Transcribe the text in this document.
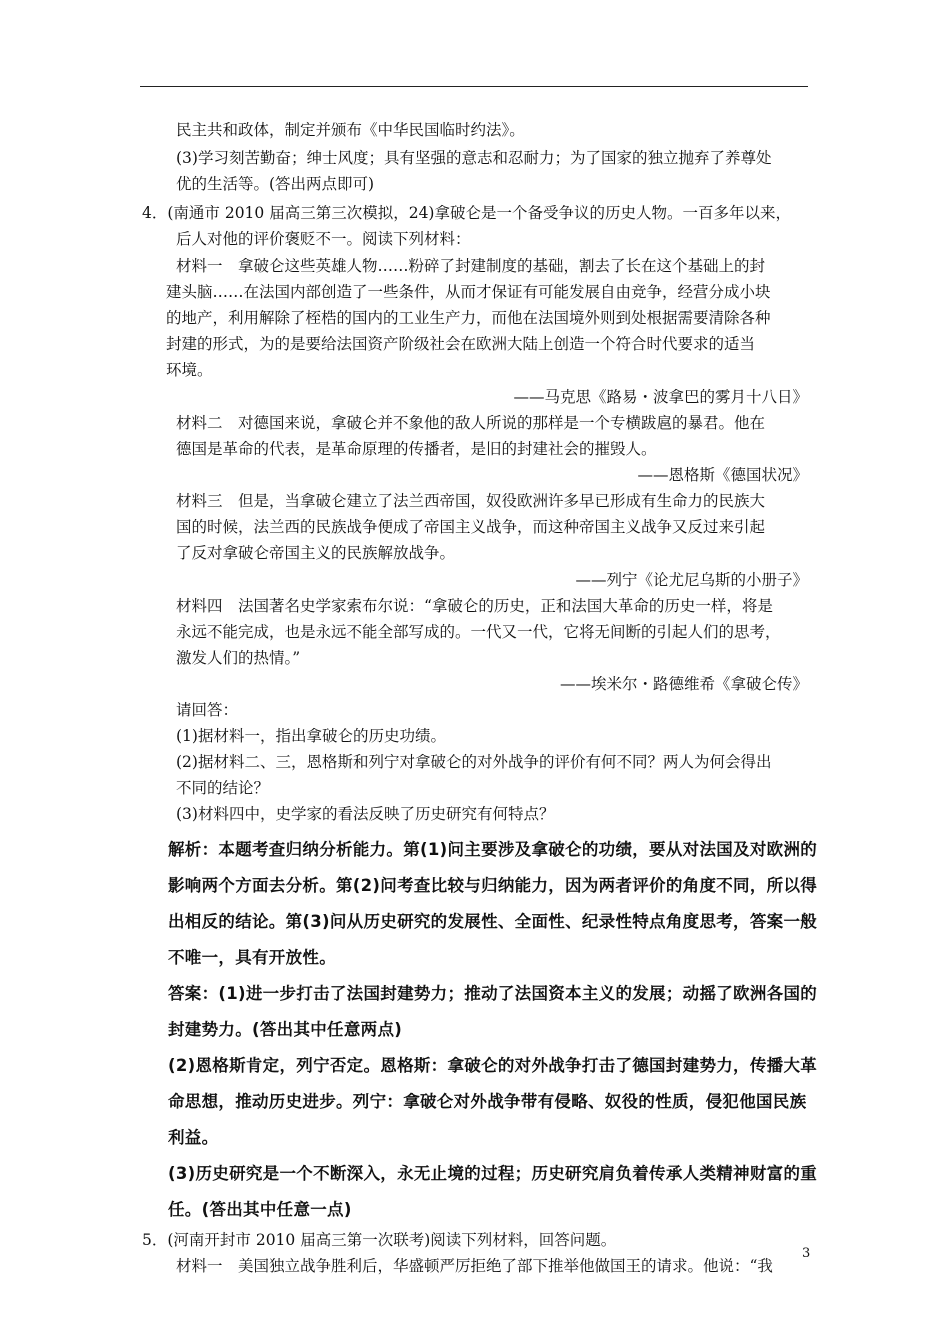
民主共和政体，制定并颁布《中华民国临时约法》。
(3)学习刻苦勤奋；绅士风度；具有坚强的意志和忍耐力；为了国家的独立抛弃了养尊处
优的生活等。(答出两点即可)
4．(南通市 2010 届高三第三次模拟，24)拿破仑是一个备受争议的历史人物。一百多年以来，
后人对他的评价褒贬不一。阅读下列材料：
材料一　拿破仑这些英雄人物……粉碎了封建制度的基础，割去了长在这个基础上的封
建头脑……在法国内部创造了一些条件，从而才保证有可能发展自由竞争，经营分成小块
的地产，利用解除了桎梏的国内的工业生产力，而他在法国境外则到处根据需要清除各种
封建的形式，为的是要给法国资产阶级社会在欧洲大陆上创造一个符合时代要求的适当
环境。
——马克思《路易・波拿巴的雾月十八日》
材料二　对德国来说，拿破仑并不象他的敌人所说的那样是一个专横跋扈的暴君。他在
德国是革命的代表，是革命原理的传播者，是旧的封建社会的摧毁人。
——恩格斯《德国状况》
材料三　但是，当拿破仑建立了法兰西帝国，奴役欧洲许多早已形成有生命力的民族大
国的时候，法兰西的民族战争便成了帝国主义战争，而这种帝国主义战争又反过来引起
了反对拿破仑帝国主义的民族解放战争。
——列宁《论尤尼乌斯的小册子》
材料四　法国著名史学家索布尔说：“拿破仑的历史，正和法国大革命的历史一样，将是
永远不能完成，也是永远不能全部写成的。一代又一代，它将无间断的引起人们的思考，
激发人们的热情。”
——埃米尔・路德维希《拿破仑传》
请回答：
(1)据材料一，指出拿破仑的历史功绩。
(2)据材料二、三，恩格斯和列宁对拿破仑的对外战争的评价有何不同？两人为何会得出
不同的结论？
(3)材料四中，史学家的看法反映了历史研究有何特点？
解析：本题考查归纳分析能力。第(1)问主要涉及拿破仑的功绩，要从对法国及对欧洲的
影响两个方面去分析。第(2)问考查比较与归纳能力，因为两者评价的角度不同，所以得
出相反的结论。第(3)问从历史研究的发展性、全面性、纪录性特点角度思考，答案一般
不唯一，具有开放性。
答案：(1)进一步打击了法国封建势力；推动了法国资本主义的发展；动摇了欧洲各国的
封建势力。(答出其中任意两点)
(2)恩格斯肯定，列宁否定。恩格斯：拿破仑的对外战争打击了德国封建势力，传播大革
命思想，推动历史进步。列宁：拿破仑对外战争带有侵略、奴役的性质，侵犯他国民族
利益。
(3)历史研究是一个不断深入，永无止境的过程；历史研究肩负着传承人类精神财富的重
任。(答出其中任意一点)
5．(河南开封市 2010 届高三第一次联考)阅读下列材料，回答问题。
材料一　美国独立战争胜利后，华盛顿严厉拒绝了部下推举他做国王的请求。他说：“我
3
